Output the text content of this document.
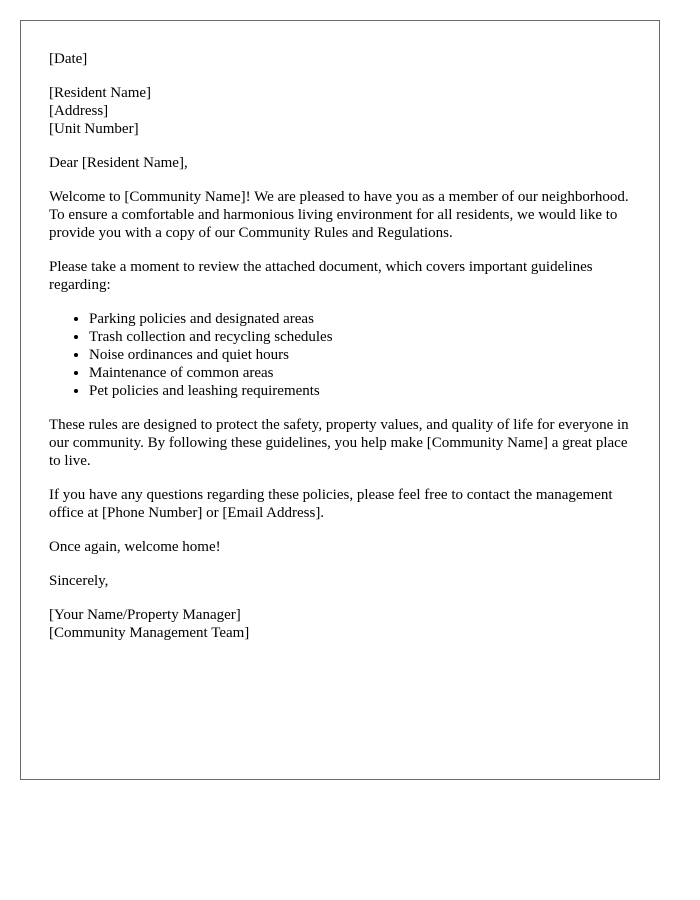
[Date]

[Resident Name]

[Address]

[Unit Number]

Dear [Resident Name],

Welcome to [Community Name]! We are pleased to have you as a member of our neighborhood. To ensure a comfortable and harmonious living environment for all residents, we would like to provide you with a copy of our Community Rules and Regulations.

Please take a moment to review the attached document, which covers important guidelines regarding:

• Parking policies and designated areas
• Trash collection and recycling schedules
• Noise ordinances and quiet hours
• Maintenance of common areas
• Pet policies and leashing requirements

These rules are designed to protect the safety, property values, and quality of life for everyone in our community. By following these guidelines, you help make [Community Name] a great place to live.

If you have any questions regarding these policies, please feel free to contact the management office at [Phone Number] or [Email Address].

Once again, welcome home!

Sincerely,

[Your Name/Property Manager]

[Community Management Team]
